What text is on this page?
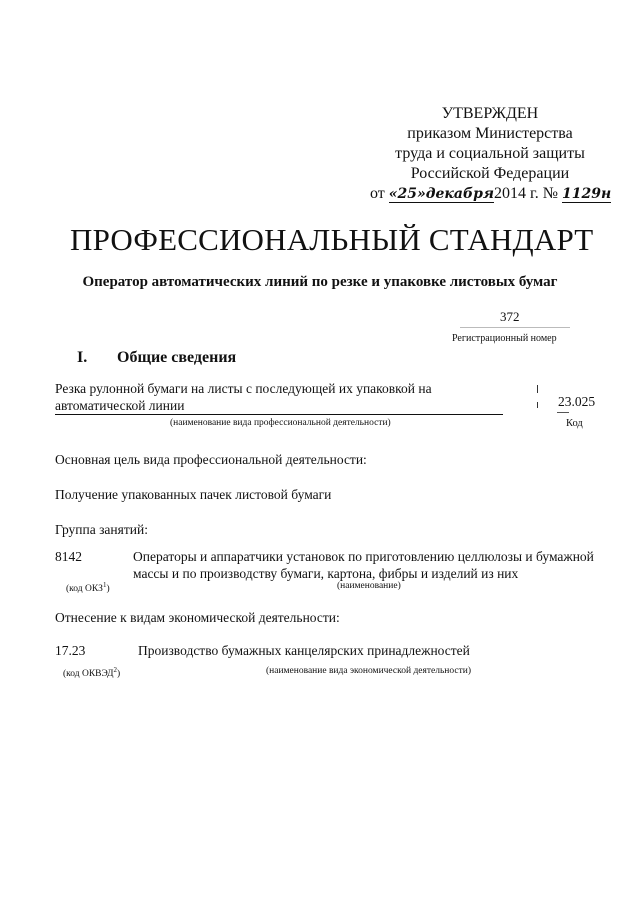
УТВЕРЖДЕН
приказом Министерства
труда и социальной защиты
Российской Федерации
от «25»декабря2014 г. № 1129н
ПРОФЕССИОНАЛЬНЫЙ СТАНДАРТ
Оператор автоматических линий по резке и упаковке листовых бумаг
372
Регистрационный номер
I. Общие сведения
Резка рулонной бумаги на листы с последующей их упаковкой на
автоматической линии
(наименование вида профессиональной деятельности)
23.025
Код
Основная цель вида профессиональной деятельности:
Получение упакованных пачек листовой бумаги
Группа занятий:
8142	Операторы и аппаратчики установок по приготовлению целлюлозы и бумажной
массы и по производству бумаги, картона, фибры и изделий из них
(код ОКЗ$^1$)	(наименование)
Отнесение к видам экономической деятельности:
17.23	Производство бумажных канцелярских принадлежностей
(код ОКВЭД$^2$)	(наименование вида экономической деятельности)
